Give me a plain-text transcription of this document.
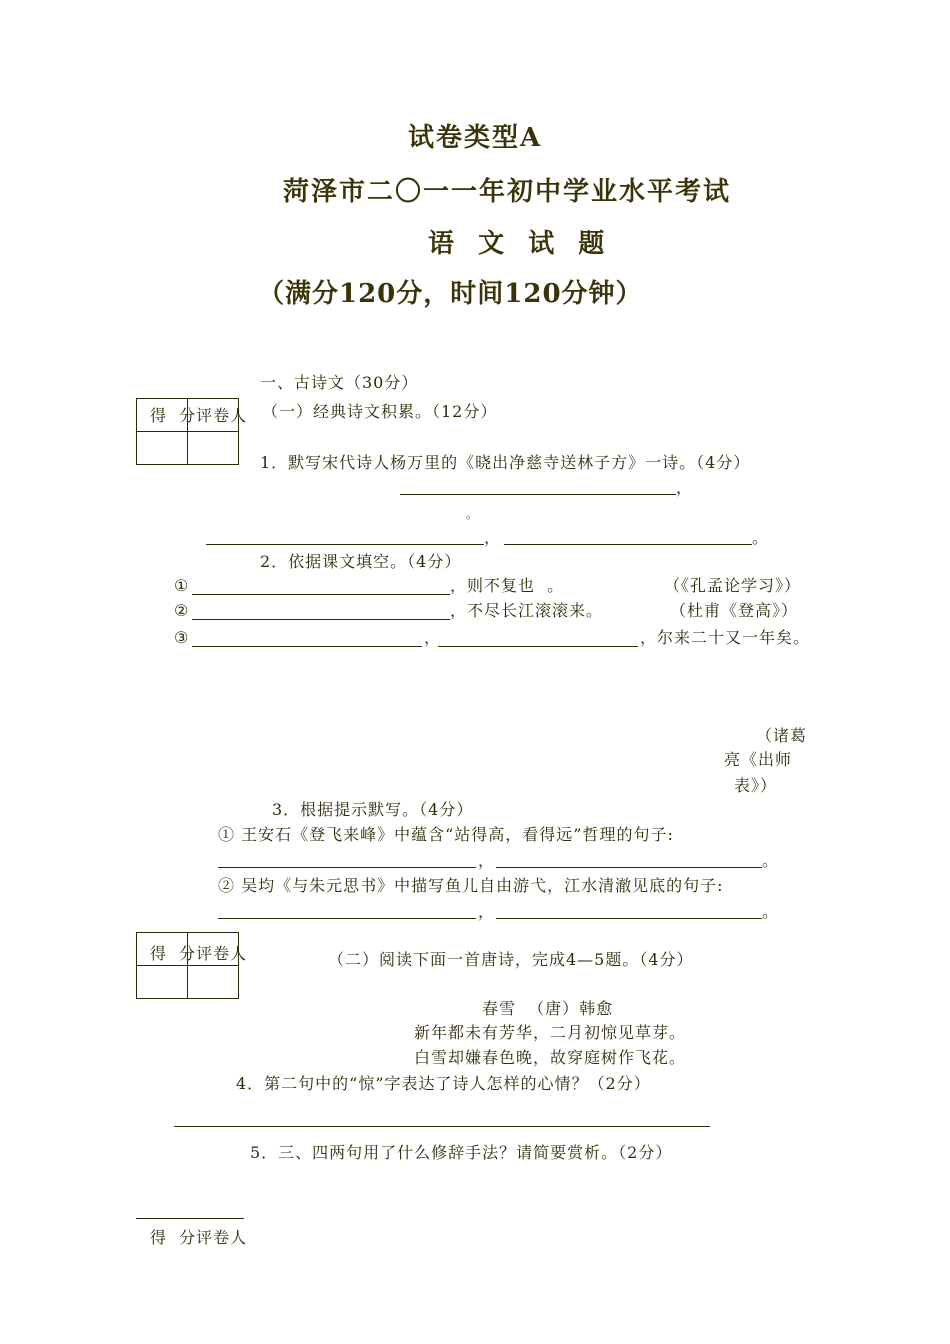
试卷类型A
菏泽市二〇一一年初中学业水平考试
语  文  试  题
（满分120分，时间120分钟）
一、古诗文（30分）

得  分评卷人 （一）经典诗文积累。（12分）
1．默写宋代诗人杨万里的《晓出净慈寺送林子方》一诗。（4分）
，
。
，	。
2．依据课文填空。（4分）
①	，则不复也  。	（《孔孟论学习》）
②	，不尽长江滚滚来。	（杜甫《登高》）
③	，	，尔来二十又一年矣。
（诸葛
亮《出师
表》）
3．根据提示默写。（4分）
① 王安石《登飞来峰》中蕴含“站得高，看得远”哲理的句子:
，	。
② 吴均《与朱元思书》中描写鱼儿自由游弋，江水清澈见底的句子:
，	。

得  分评卷人	（二）阅读下面一首唐诗，完成4—5题。（4分）
春雪  （唐）韩愈
新年都未有芳华，二月初惊见草芽。
白雪却嫌春色晚，故穿庭树作飞花。
4．第二句中的“惊”字表达了诗人怎样的心情？（2分）
5．三、四两句用了什么修辞手法？请简要赏析。（2分）
得  分评卷人
